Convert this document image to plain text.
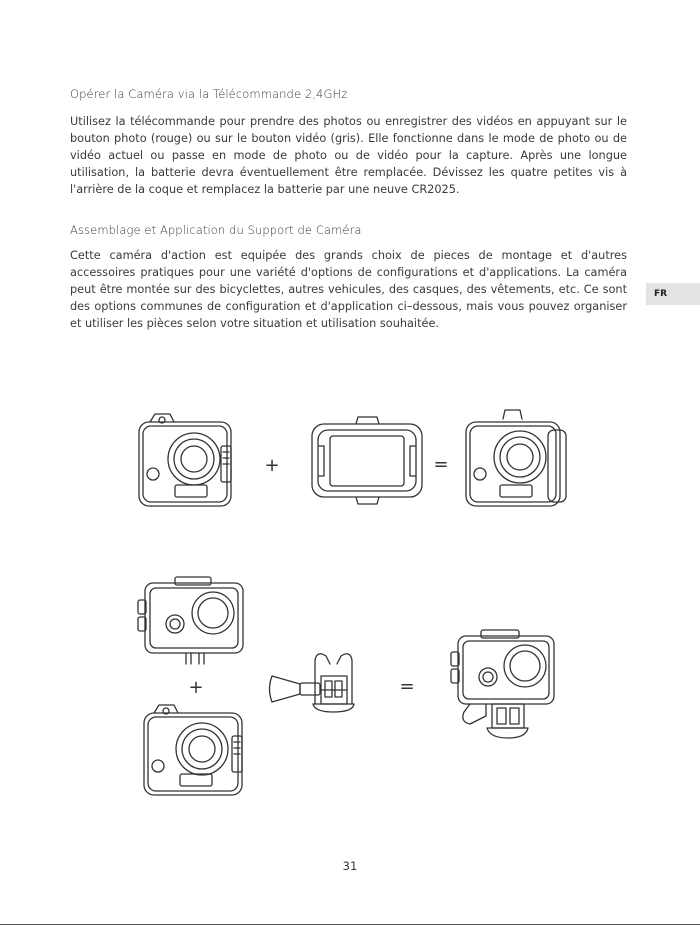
Opérer la Caméra via la Télécommande 2,4GHz

Utilisez la télécommande pour prendre des photos ou enregistrer des vidéos en appuyant sur le bouton photo (rouge) ou sur le bouton vidéo (gris). Elle fonctionne dans le mode de photo ou de vidéo actuel ou passe en mode de photo ou de vidéo pour la capture. Après une longue utilisation, la batterie devra éventuellement être remplacée. Dévissez les quatre petites vis à l'arrière de la coque et remplacez la batterie par une neuve CR2025.

Assemblage et Application du Support de Caméra

Cette caméra d'action est equipée des grands choix de pieces de montage et d'autres accessoires pratiques pour une variété d'options de configurations et d'applications. La caméra peut être montée sur des bicyclettes, autres vehicules, des casques, des vêtements, etc. Ce sont des options communes de configuration et d'application ci–dessous, mais vous pouvez organiser et utiliser les pièces selon votre situation et utilisation souhaitée.

FR
+	=
+	=
31
